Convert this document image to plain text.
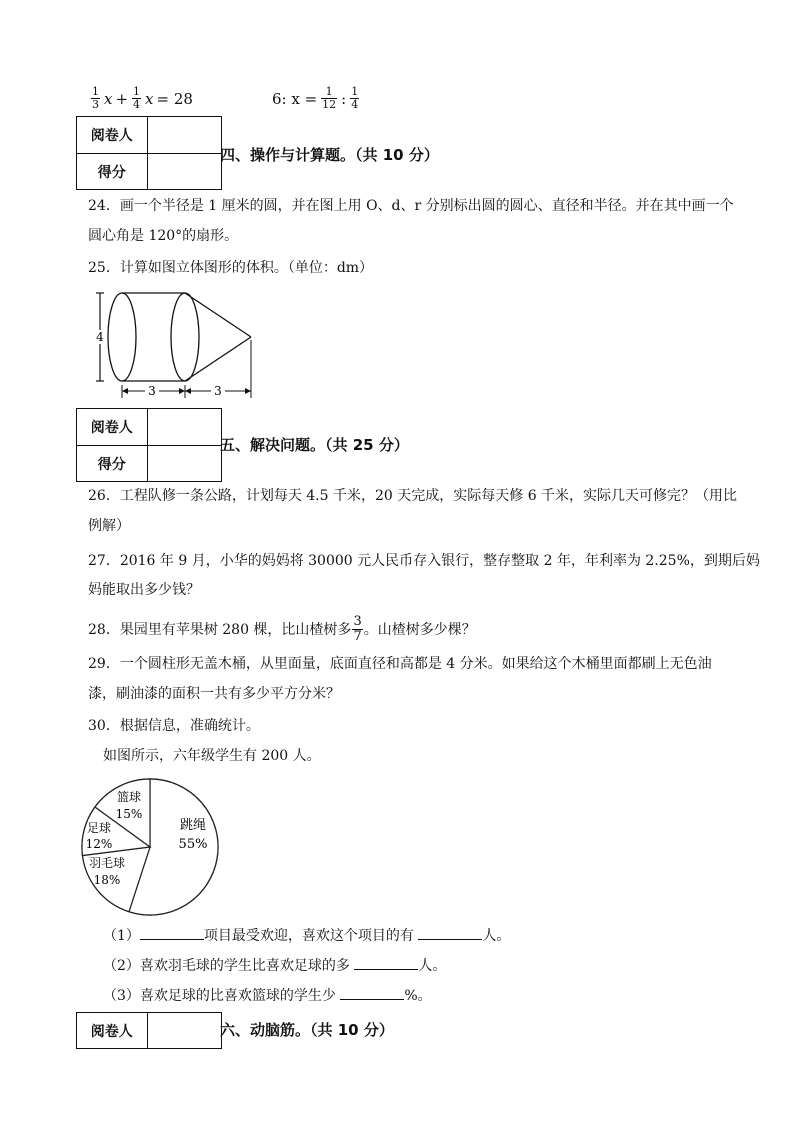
$\frac{1}{3}$ $x + \frac{1}{4}$ x = 28	6: $x = \frac{1}{12}$ : $\frac{1}{4}$
阅卷人
得分
四、操作与计算题。（共 10 分）
24．画一个半径是 1 厘米的圆，并在图上用 O、d、r 分别标出圆的圆心、直径和半径。并在其中画一个
圆心角是 120°的扇形。
25．计算如图立体图形的体积。（单位：dm）
4
3	3
阅卷人
得分
五、解决问题。（共 25 分）
26．工程队修一条公路，计划每天 4.5 千米，20 天完成，实际每天修 6 千米，实际几天可修完？（用比
例解）
27．2016 年 9 月，小华的妈妈将 30000 元人民币存入银行，整存整取 2 年，年利率为 2.25%，到期后妈
妈能取出多少钱？
28．果园里有苹果树 280 棵，比山楂树多 $\frac{3}{7}$ 。山楂树多少棵？
29．一个圆柱形无盖木桶，从里面量，底面直径和高都是 4 分米。如果给这个木桶里面都刷上无色油
漆，刷油漆的面积一共有多少平方分米？
30．根据信息，准确统计。
如图所示，六年级学生有 200 人。
跳绳
55%
篮球
15%
足球
12%
羽毛球
18%
（1）	项目最受欢迎，喜欢这个项目的有	人。
（2）喜欢羽毛球的学生比喜欢足球的多	人。
（3）喜欢足球的比喜欢篮球的学生少	%。
阅卷人	六、动脑筋。（共 10 分）
